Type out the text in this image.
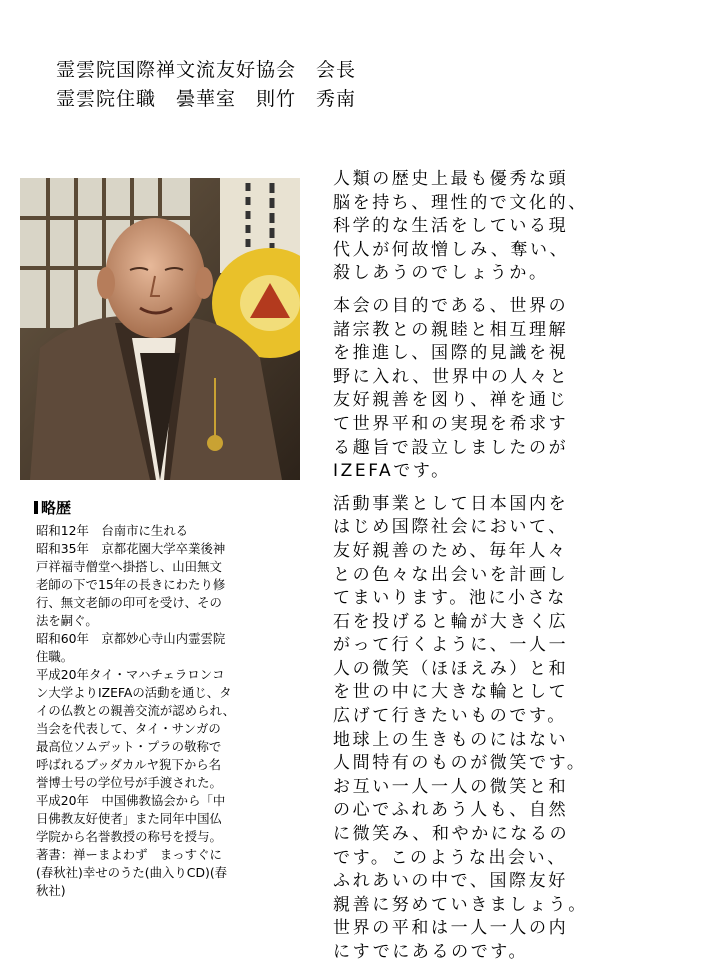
霊雲院国際禅文流友好協会　会長
霊雲院住職　曇華室　則竹　秀南
略歴
昭和12年　台南市に生れる
昭和35年　京都花園大学卒業後神
戸祥福寺僧堂へ掛搭し、山田無文
老師の下で15年の長きにわたり修
行、無文老師の印可を受け、その
法を嗣ぐ。
昭和60年　京都妙心寺山内霊雲院
住職。
平成20年タイ・マハチェラロンコ
ン大学よりIZEFAの活動を通じ、タ
イの仏教との親善交流が認められ、
当会を代表して、タイ・サンガの
最高位ソムデット・プラの敬称で
呼ばれるブッダカルヤ猊下から名
誉博士号の学位号が手渡された。
平成20年　中国佛教協会から「中
日佛教友好使者」また同年中国仏
学院から名誉教授の称号を授与。
著書：禅ーまよわず　まっすぐに
(春秋社)幸せのうた(曲入りCD)(春
秋社)
人類の歴史上最も優秀な頭
脳を持ち、理性的で文化的、
科学的な生活をしている現
代人が何故憎しみ、奪い、
殺しあうのでしょうか。
本会の目的である、世界の
諸宗教との親睦と相互理解
を推進し、国際的見識を視
野に入れ、世界中の人々と
友好親善を図り、禅を通じ
て世界平和の実現を希求す
る趣旨で設立しましたのが
IZEFAです。
活動事業として日本国内を
はじめ国際社会において、
友好親善のため、毎年人々
との色々な出会いを計画し
てまいります。池に小さな
石を投げると輪が大きく広
がって行くように、一人一
人の微笑（ほほえみ）と和
を世の中に大きな輪として
広げて行きたいものです。
地球上の生きものにはない
人間特有のものが微笑です。
お互い一人一人の微笑と和
の心でふれあう人も、自然
に微笑み、和やかになるの
です。このような出会い、
ふれあいの中で、国際友好
親善に努めていきましょう。
世界の平和は一人一人の内
にすでにあるのです。
